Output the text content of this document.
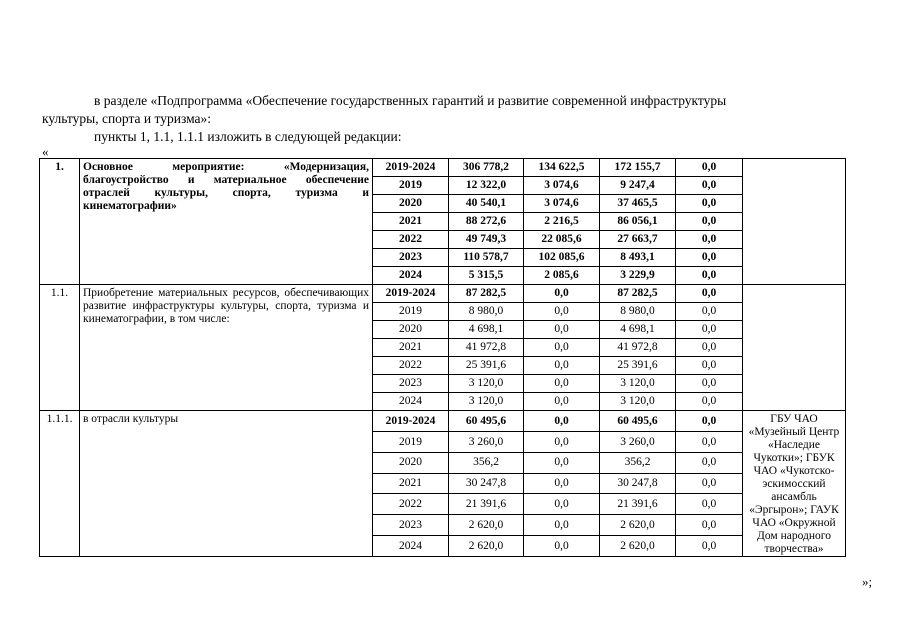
в разделе «Подпрограмма «Обеспечение государственных гарантий и развитие современной инфраструктуры
культуры, спорта и туризма»:
пункты 1, 1.1, 1.1.1 изложить в следующей редакции:
«
1.	Основное мероприятие: «Модернизация, благоустройство и материальное обеспечение отраслей культуры, спорта, туризма и кинематографии»	2019-2024	306 778,2	134 622,5	172 155,7	0,0	
		2019	12 322,0	3 074,6	9 247,4	0,0	
		2020	40 540,1	3 074,6	37 465,5	0,0	
		2021	88 272,6	2 216,5	86 056,1	0,0	
		2022	49 749,3	22 085,6	27 663,7	0,0	
		2023	110 578,7	102 085,6	8 493,1	0,0	
		2024	5 315,5	2 085,6	3 229,9	0,0	
1.1.	Приобретение материальных ресурсов, обеспечивающих развитие инфраструктуры культуры, спорта, туризма и кинематографии, в том числе:	2019-2024	87 282,5	0,0	87 282,5	0,0	
		2019	8 980,0	0,0	8 980,0	0,0	
		2020	4 698,1	0,0	4 698,1	0,0	
		2021	41 972,8	0,0	41 972,8	0,0	
		2022	25 391,6	0,0	25 391,6	0,0	
		2023	3 120,0	0,0	3 120,0	0,0	
		2024	3 120,0	0,0	3 120,0	0,0	
1.1.1.	в отрасли культуры	2019-2024	60 495,6	0,0	60 495,6	0,0	ГБУ ЧАО «Музейный Центр «Наследие Чукотки»; ГБУК ЧАО «Чукотско-эскимосский ансамбль «Эргырон»; ГАУК ЧАО «Окружной Дом народного творчества»
		2019	3 260,0	0,0	3 260,0	0,0	
		2020	356,2	0,0	356,2	0,0	
		2021	30 247,8	0,0	30 247,8	0,0	
		2022	21 391,6	0,0	21 391,6	0,0	
		2023	2 620,0	0,0	2 620,0	0,0	
		2024	2 620,0	0,0	2 620,0	0,0	
»;
